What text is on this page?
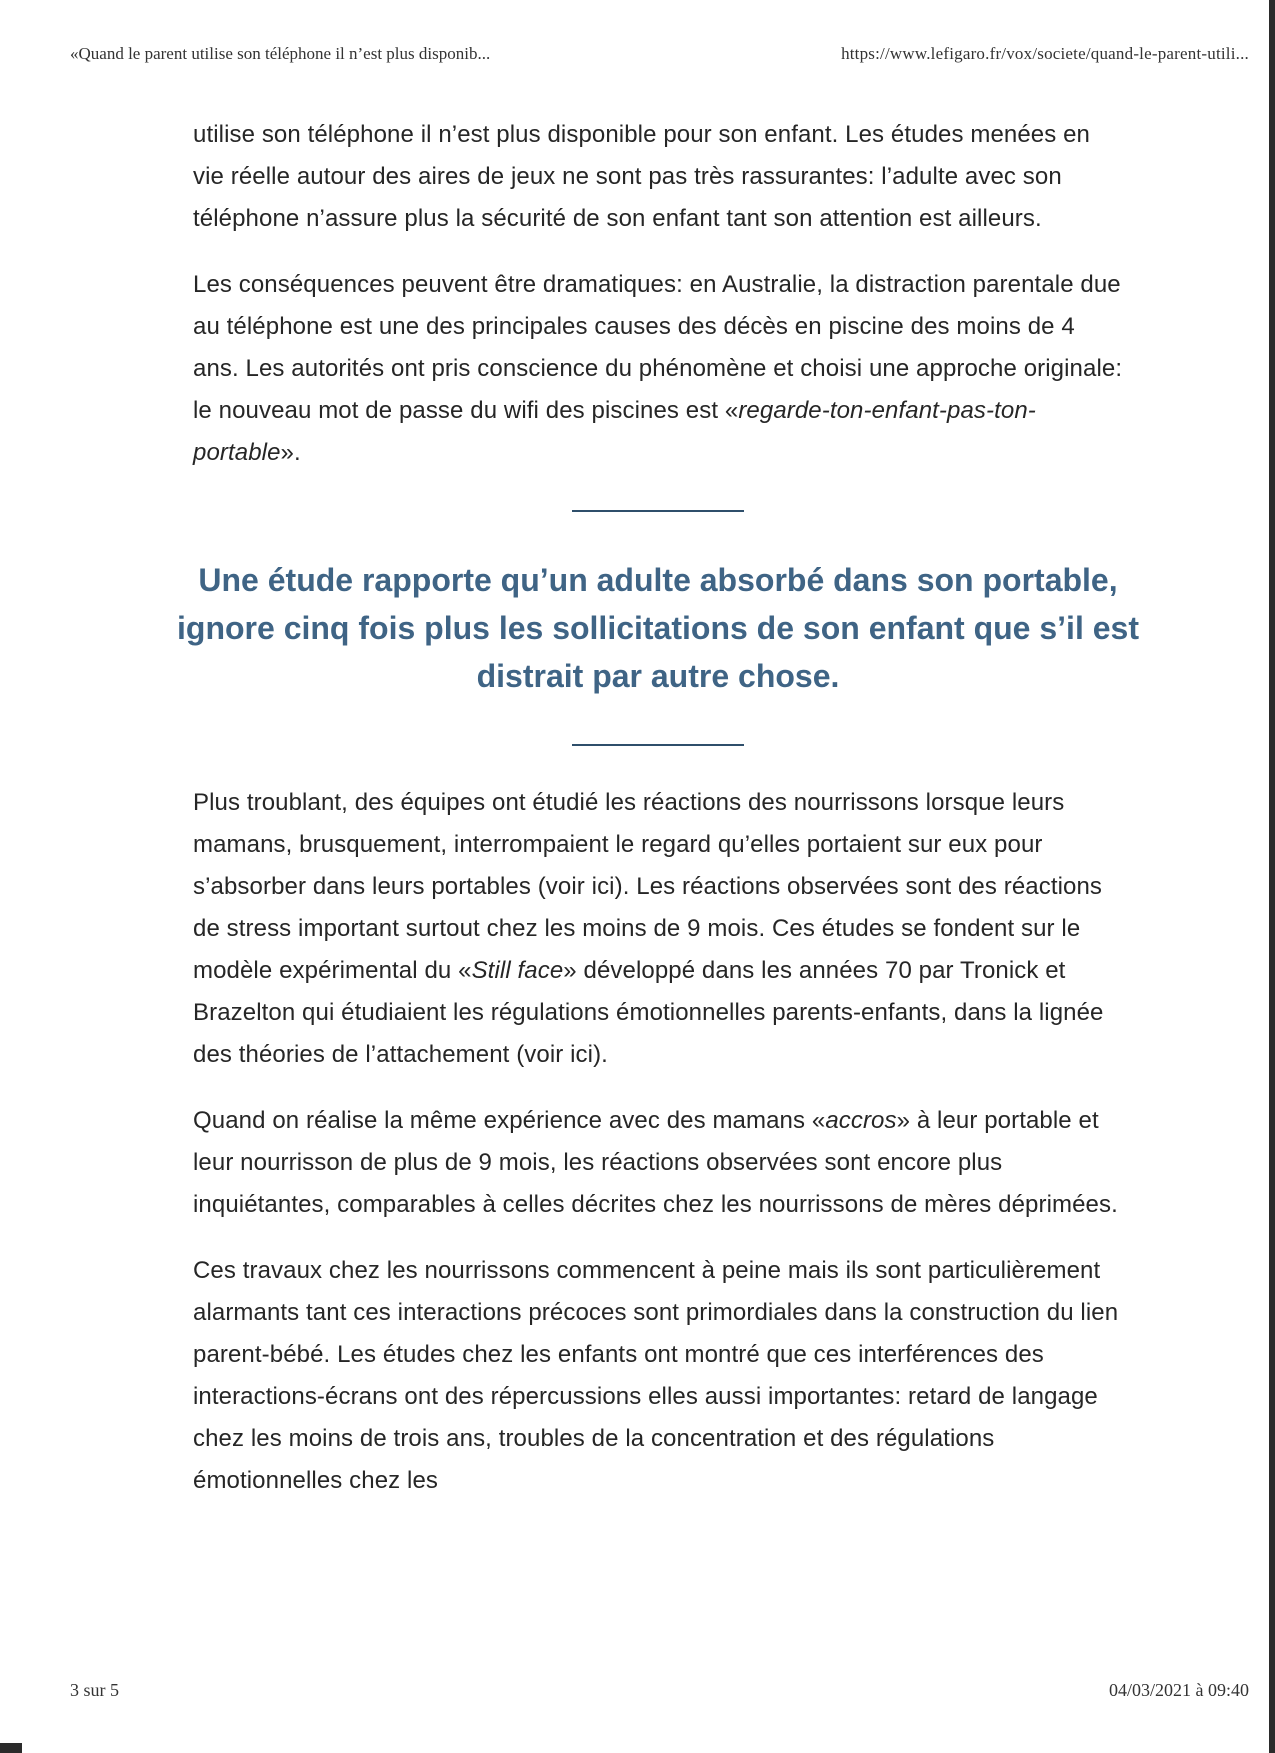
«Quand le parent utilise son téléphone il n’est plus disponib...	https://www.lefigaro.fr/vox/societe/quand-le-parent-utili...

utilise son téléphone il n’est plus disponible pour son enfant. Les études menées en vie réelle autour des aires de jeux ne sont pas très rassurantes: l’adulte avec son téléphone n’assure plus la sécurité de son enfant tant son attention est ailleurs.

Les conséquences peuvent être dramatiques: en Australie, la distraction parentale due au téléphone est une des principales causes des décès en piscine des moins de 4 ans. Les autorités ont pris conscience du phénomène et choisi une approche originale: le nouveau mot de passe du wifi des piscines est «regarde-ton-enfant-pas-ton-portable».

Une étude rapporte qu’un adulte absorbé dans son portable, ignore cinq fois plus les sollicitations de son enfant que s’il est distrait par autre chose.

Plus troublant, des équipes ont étudié les réactions des nourrissons lorsque leurs mamans, brusquement, interrompaient le regard qu’elles portaient sur eux pour s’absorber dans leurs portables (voir ici). Les réactions observées sont des réactions de stress important surtout chez les moins de 9 mois. Ces études se fondent sur le modèle expérimental du «Still face» développé dans les années 70 par Tronick et Brazelton qui étudiaient les régulations émotionnelles parents-enfants, dans la lignée des théories de l’attachement (voir ici).

Quand on réalise la même expérience avec des mamans «accros» à leur portable et leur nourrisson de plus de 9 mois, les réactions observées sont encore plus inquiétantes, comparables à celles décrites chez les nourrissons de mères déprimées.

Ces travaux chez les nourrissons commencent à peine mais ils sont particulièrement alarmants tant ces interactions précoces sont primordiales dans la construction du lien parent-bébé. Les études chez les enfants ont montré que ces interférences des interactions-écrans ont des répercussions elles aussi importantes: retard de langage chez les moins de trois ans, troubles de la concentration et des régulations émotionnelles chez les

3 sur 5	04/03/2021 à 09:40
